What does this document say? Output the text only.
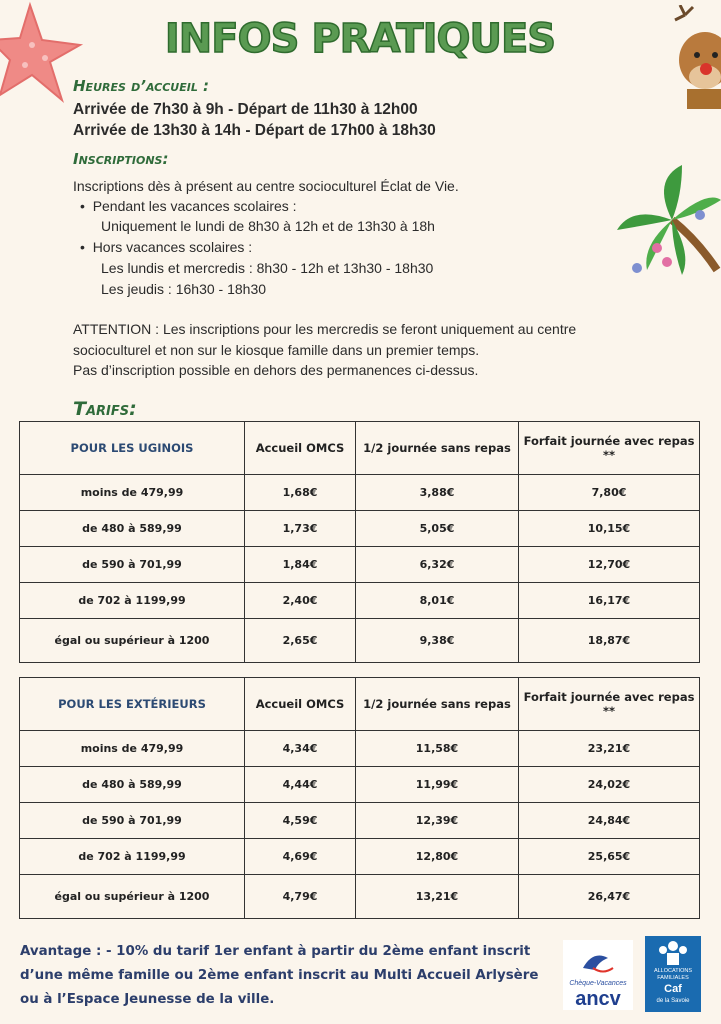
INFOS PRATIQUES
Heures d’accueil :
Arrivée de 7h30 à 9h - Départ de 11h30 à 12h00
Arrivée de 13h30 à 14h - Départ de 17h00 à 18h30
Inscriptions:
Inscriptions dès à présent au centre socioculturel Éclat de Vie.
•  Pendant les vacances scolaires :
Uniquement le lundi de 8h30 à 12h et de 13h30 à 18h
•  Hors vacances scolaires :
Les lundis et mercredis : 8h30 - 12h et 13h30 - 18h30
Les jeudis : 16h30 - 18h30
ATTENTION : Les inscriptions pour les mercredis se feront uniquement au centre
socioculturel et non sur le kiosque famille dans un premier temps.
Pas d’inscription possible en dehors des permanences ci-dessus.
Tarifs:
POUR LES UGINOIS	Accueil OMCS	1/2 journée sans repas	Forfait journée avec repas **
moins de 479,99	1,68€	3,88€	7,80€
de 480 à 589,99	1,73€	5,05€	10,15€
de 590 à 701,99	1,84€	6,32€	12,70€
de 702 à 1199,99	2,40€	8,01€	16,17€
égal ou supérieur à 1200	2,65€	9,38€	18,87€
POUR LES EXTÉRIEURS	Accueil OMCS	1/2 journée sans repas	Forfait journée avec repas **
moins de 479,99	4,34€	11,58€	23,21€
de 480 à 589,99	4,44€	11,99€	24,02€
de 590 à 701,99	4,59€	12,39€	24,84€
de 702 à 1199,99	4,69€	12,80€	25,65€
égal ou supérieur à 1200	4,79€	13,21€	26,47€
Avantage : - 10% du tarif 1er enfant à partir du 2ème enfant inscrit d’une même famille ou 2ème enfant inscrit au Multi Accueil Arlysère ou à l’Espace Jeunesse de la ville.
Chèque-Vacances
ancv
ALLOCATIONS FAMILIALES
Caf
de la Savoie
